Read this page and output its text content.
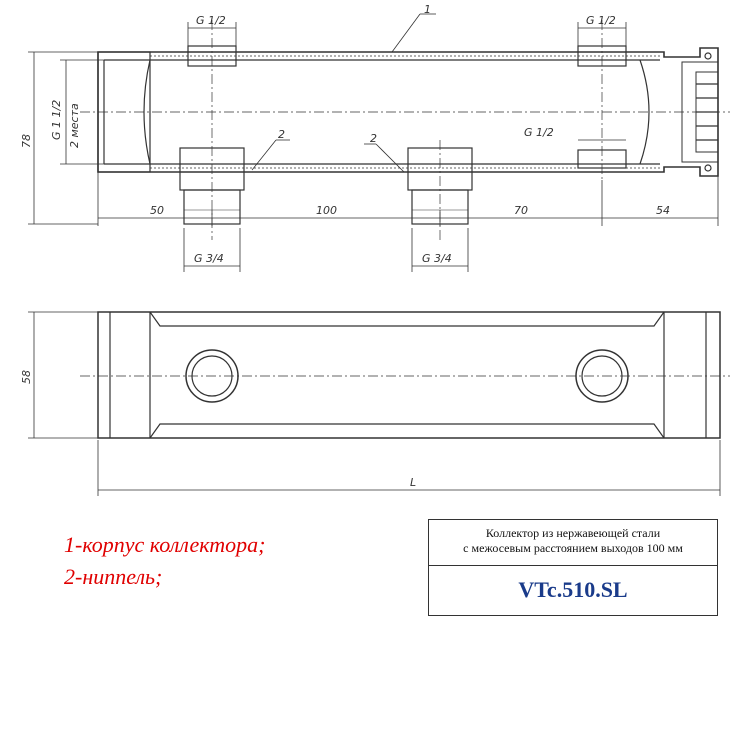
1
2	2
G 1/2	G 1/2
G 1/2
G 3/4	G 3/4
50	100	70	54
L
78
58
G 1 1/2 2 места
1-корпус коллектора;
2-ниппель;
Коллектор из нержавеющей стали
с межосевым расстоянием выходов 100 мм
VTc.510.SL
